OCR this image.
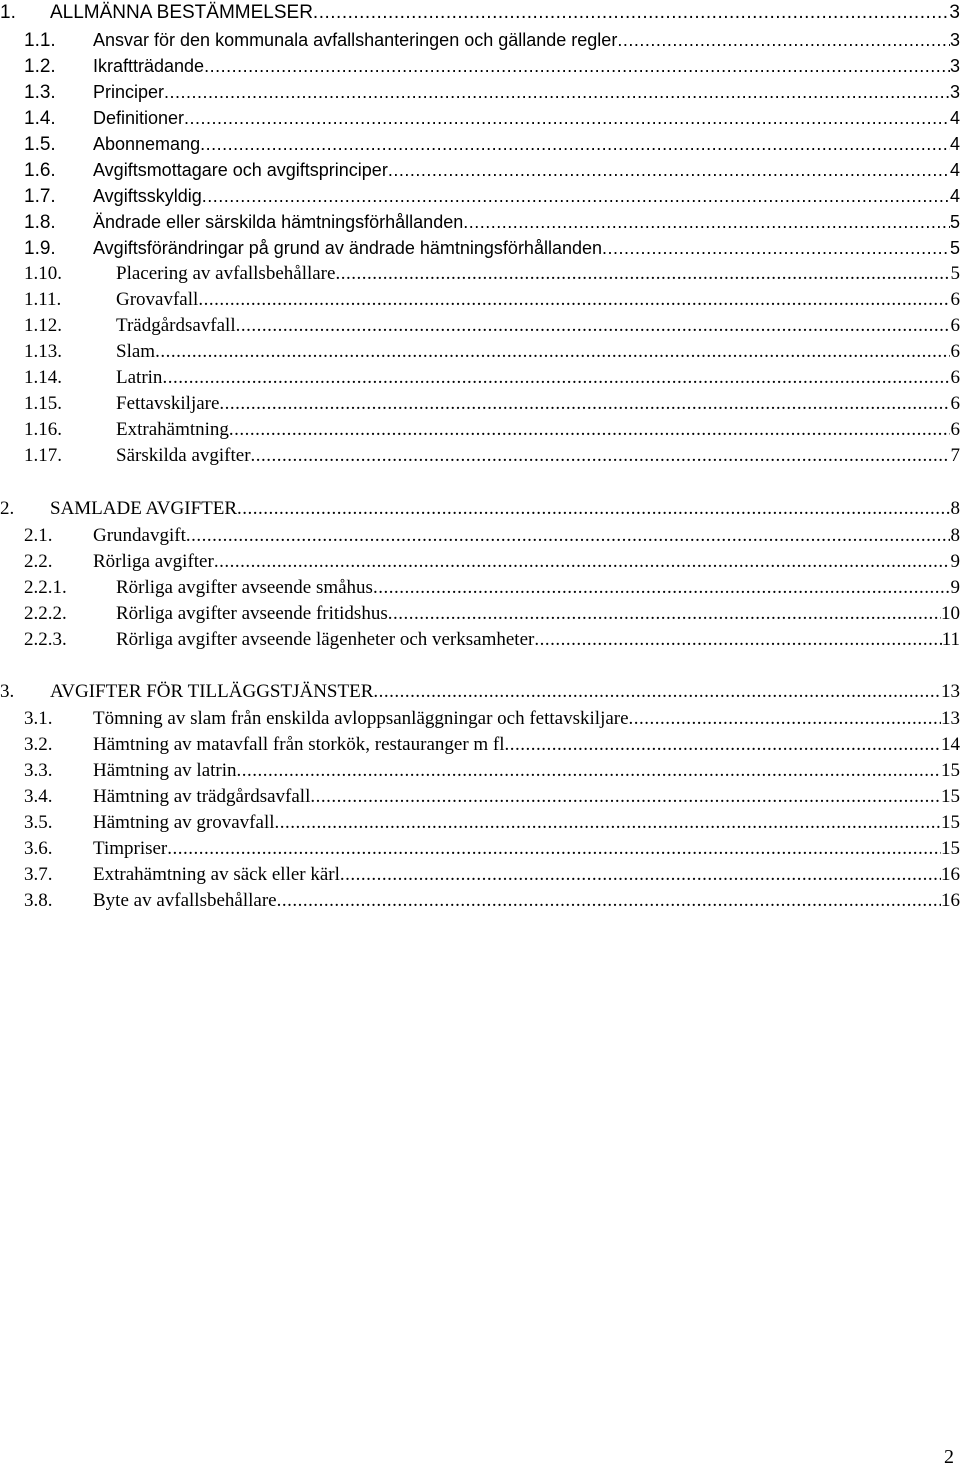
1.	ALLMÄNNA BESTÄMMELSER .....	3
1.1.	Ansvar för den kommunala avfallshanteringen och gällande regler .....	3
1.2.	Ikraftträdande .....	3
1.3.	Principer .....	3
1.4.	Definitioner .....	4
1.5.	Abonnemang .....	4
1.6.	Avgiftsmottagare och avgiftsprinciper .....	4
1.7.	Avgiftsskyldig .....	4
1.8.	Ändrade eller särskilda hämtningsförhållanden .....	5
1.9.	Avgiftsförändringar på grund av ändrade hämtningsförhållanden .....	5
1.10.	Placering av avfallsbehållare .....	5
1.11.	Grovavfall .....	6
1.12.	Trädgårdsavfall .....	6
1.13.	Slam .....	6
1.14.	Latrin .....	6
1.15.	Fettavskiljare .....	6
1.16.	Extrahämtning .....	6
1.17.	Särskilda avgifter .....	7
2.	SAMLADE AVGIFTER .....	8
2.1.	Grundavgift .....	8
2.2.	Rörliga avgifter .....	9
2.2.1.	Rörliga avgifter avseende småhus .....	9
2.2.2.	Rörliga avgifter avseende fritidshus .....	10
2.2.3.	Rörliga avgifter avseende lägenheter och verksamheter .....	11
3.	AVGIFTER FÖR TILLÄGGSTJÄNSTER .....	13
3.1.	Tömning av slam från enskilda avloppsanläggningar och fettavskiljare .....	13
3.2.	Hämtning av matavfall från storkök, restauranger m fl .....	14
3.3.	Hämtning av latrin .....	15
3.4.	Hämtning av trädgårdsavfall .....	15
3.5.	Hämtning av grovavfall .....	15
3.6.	Timpriser .....	15
3.7.	Extrahämtning av säck eller kärl .....	16
3.8.	Byte av avfallsbehållare .....	16
2
